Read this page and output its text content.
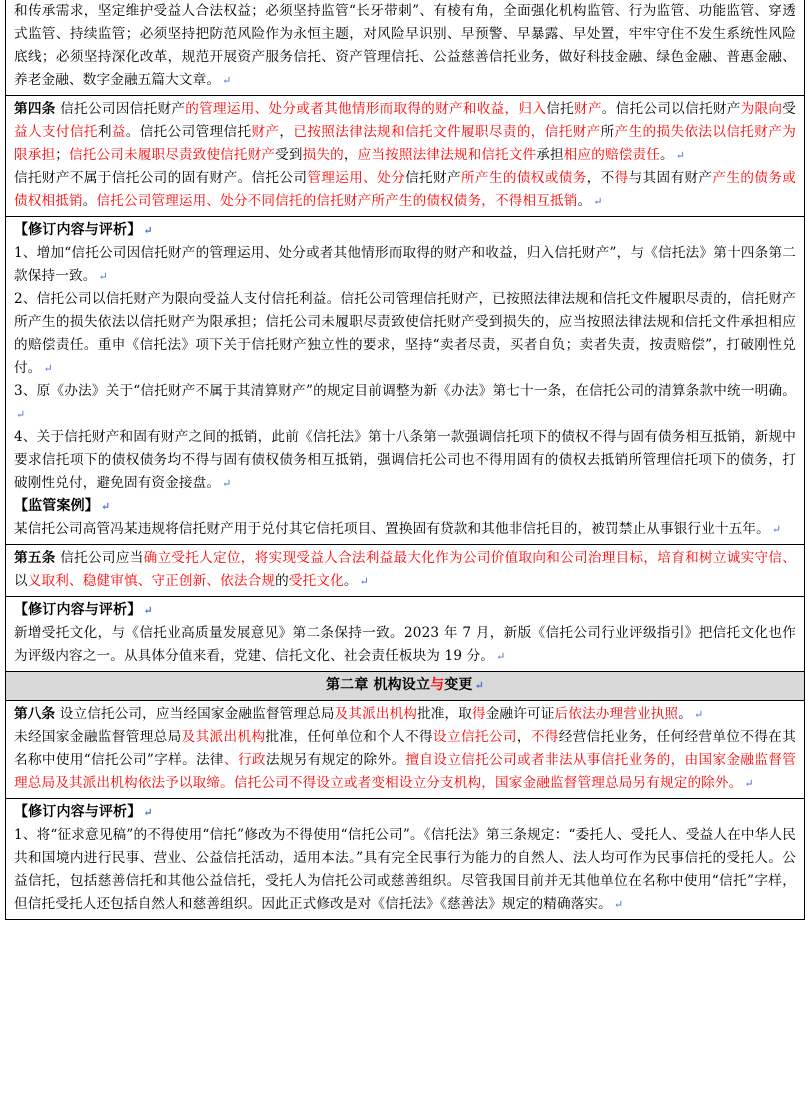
和传承需求，坚定维护受益人合法权益；必须坚持监管“长牙带刺”、有棱有角，全面强化机构监管、行为监管、功能监管、穿透式监管、持续监管；必须坚持把防范风险作为永恒主题，对风险早识别、早预警、早暴露、早处置，牢牢守住不发生系统性风险底线；必须坚持深化改革，规范开展资产服务信托、资产管理信托、公益慈善信托业务，做好科技金融、绿色金融、普惠金融、养老金融、数字金融五篇大文章。 ↵

第四条 信托公司因信托财产的管理运用、处分或者其他情形而取得的财产和收益，归入信托财产。信托公司以信托财产为限向受益人支付信托利益。信托公司管理信托财产，已按照法律法规和信托文件履职尽责的，信托财产所产生的损失依法以信托财产为限承担；信托公司未履职尽责致使信托财产受到损失的，应当按照法律法规和信托文件承担相应的赔偿责任。 ↵

信托财产不属于信托公司的固有财产。信托公司管理运用、处分信托财产所产生的债权或债务，不得与其固有财产产生的债务或债权相抵销。信托公司管理运用、处分不同信托的信托财产所产生的债权债务，不得相互抵销。 ↵

【修订内容与评析】 ↵

1、增加“信托公司因信托财产的管理运用、处分或者其他情形而取得的财产和收益，归入信托财产”，与《信托法》第十四条第二款保持一致。 ↵

2、信托公司以信托财产为限向受益人支付信托利益。信托公司管理信托财产，已按照法律法规和信托文件履职尽责的，信托财产所产生的损失依法以信托财产为限承担；信托公司未履职尽责致使信托财产受到损失的，应当按照法律法规和信托文件承担相应的赔偿责任。重申《信托法》项下关于信托财产独立性的要求，坚持“卖者尽责，买者自负；卖者失责，按责赔偿”，打破刚性兑付。 ↵

3、原《办法》关于“信托财产不属于其清算财产”的规定目前调整为新《办法》第七十一条，在信托公司的清算条款中统一明确。↵

4、关于信托财产和固有财产之间的抵销，此前《信托法》第十八条第一款强调信托项下的债权不得与固有债务相互抵销，新规中要求信托项下的债权债务均不得与固有债权债务相互抵销，强调信托公司也不得用固有的债权去抵销所管理信托项下的债务，打破刚性兑付，避免固有资金接盘。 ↵

【监管案例】 ↵

某信托公司高管冯某违规将信托财产用于兑付其它信托项目、置换固有贷款和其他非信托目的，被罚禁止从事银行业十五年。 ↵

第五条 信托公司应当确立受托人定位，将实现受益人合法利益最大化作为公司价值取向和公司治理目标，培育和树立诚实守信、以义取利、稳健审慎、守正创新、依法合规的受托文化。 ↵

【修订内容与评析】 ↵

新增受托文化，与《信托业高质量发展意见》第二条保持一致。2023 年 7 月，新版《信托公司行业评级指引》把信托文化也作为评级内容之一。从具体分值来看，党建、信托文化、社会责任板块为 19 分。 ↵

第二章 机构设立与变更 ↵

第八条 设立信托公司，应当经国家金融监督管理总局及其派出机构批准，取得金融许可证后依法办理营业执照。 ↵

未经国家金融监督管理总局及其派出机构批准，任何单位和个人不得设立信托公司，不得经营信托业务，任何经营单位不得在其名称中使用“信托公司”字样。法律、行政法规另有规定的除外。擅自设立信托公司或者非法从事信托业务的，由国家金融监督管理总局及其派出机构依法予以取缔。信托公司不得设立或者变相设立分支机构，国家金融监督管理总局另有规定的除外。 ↵

【修订内容与评析】 ↵

1、将“征求意见稿”的不得使用“信托”修改为不得使用“信托公司”。《信托法》第三条规定：“委托人、受托人、受益人在中华人民共和国境内进行民事、营业、公益信托活动，适用本法。”具有完全民事行为能力的自然人、法人均可作为民事信托的受托人。公益信托，包括慈善信托和其他公益信托，受托人为信托公司或慈善组织。尽管我国目前并无其他单位在名称中使用“信托”字样，但信托受托人还包括自然人和慈善组织。因此正式修改是对《信托法》《慈善法》规定的精确落实。 ↵
